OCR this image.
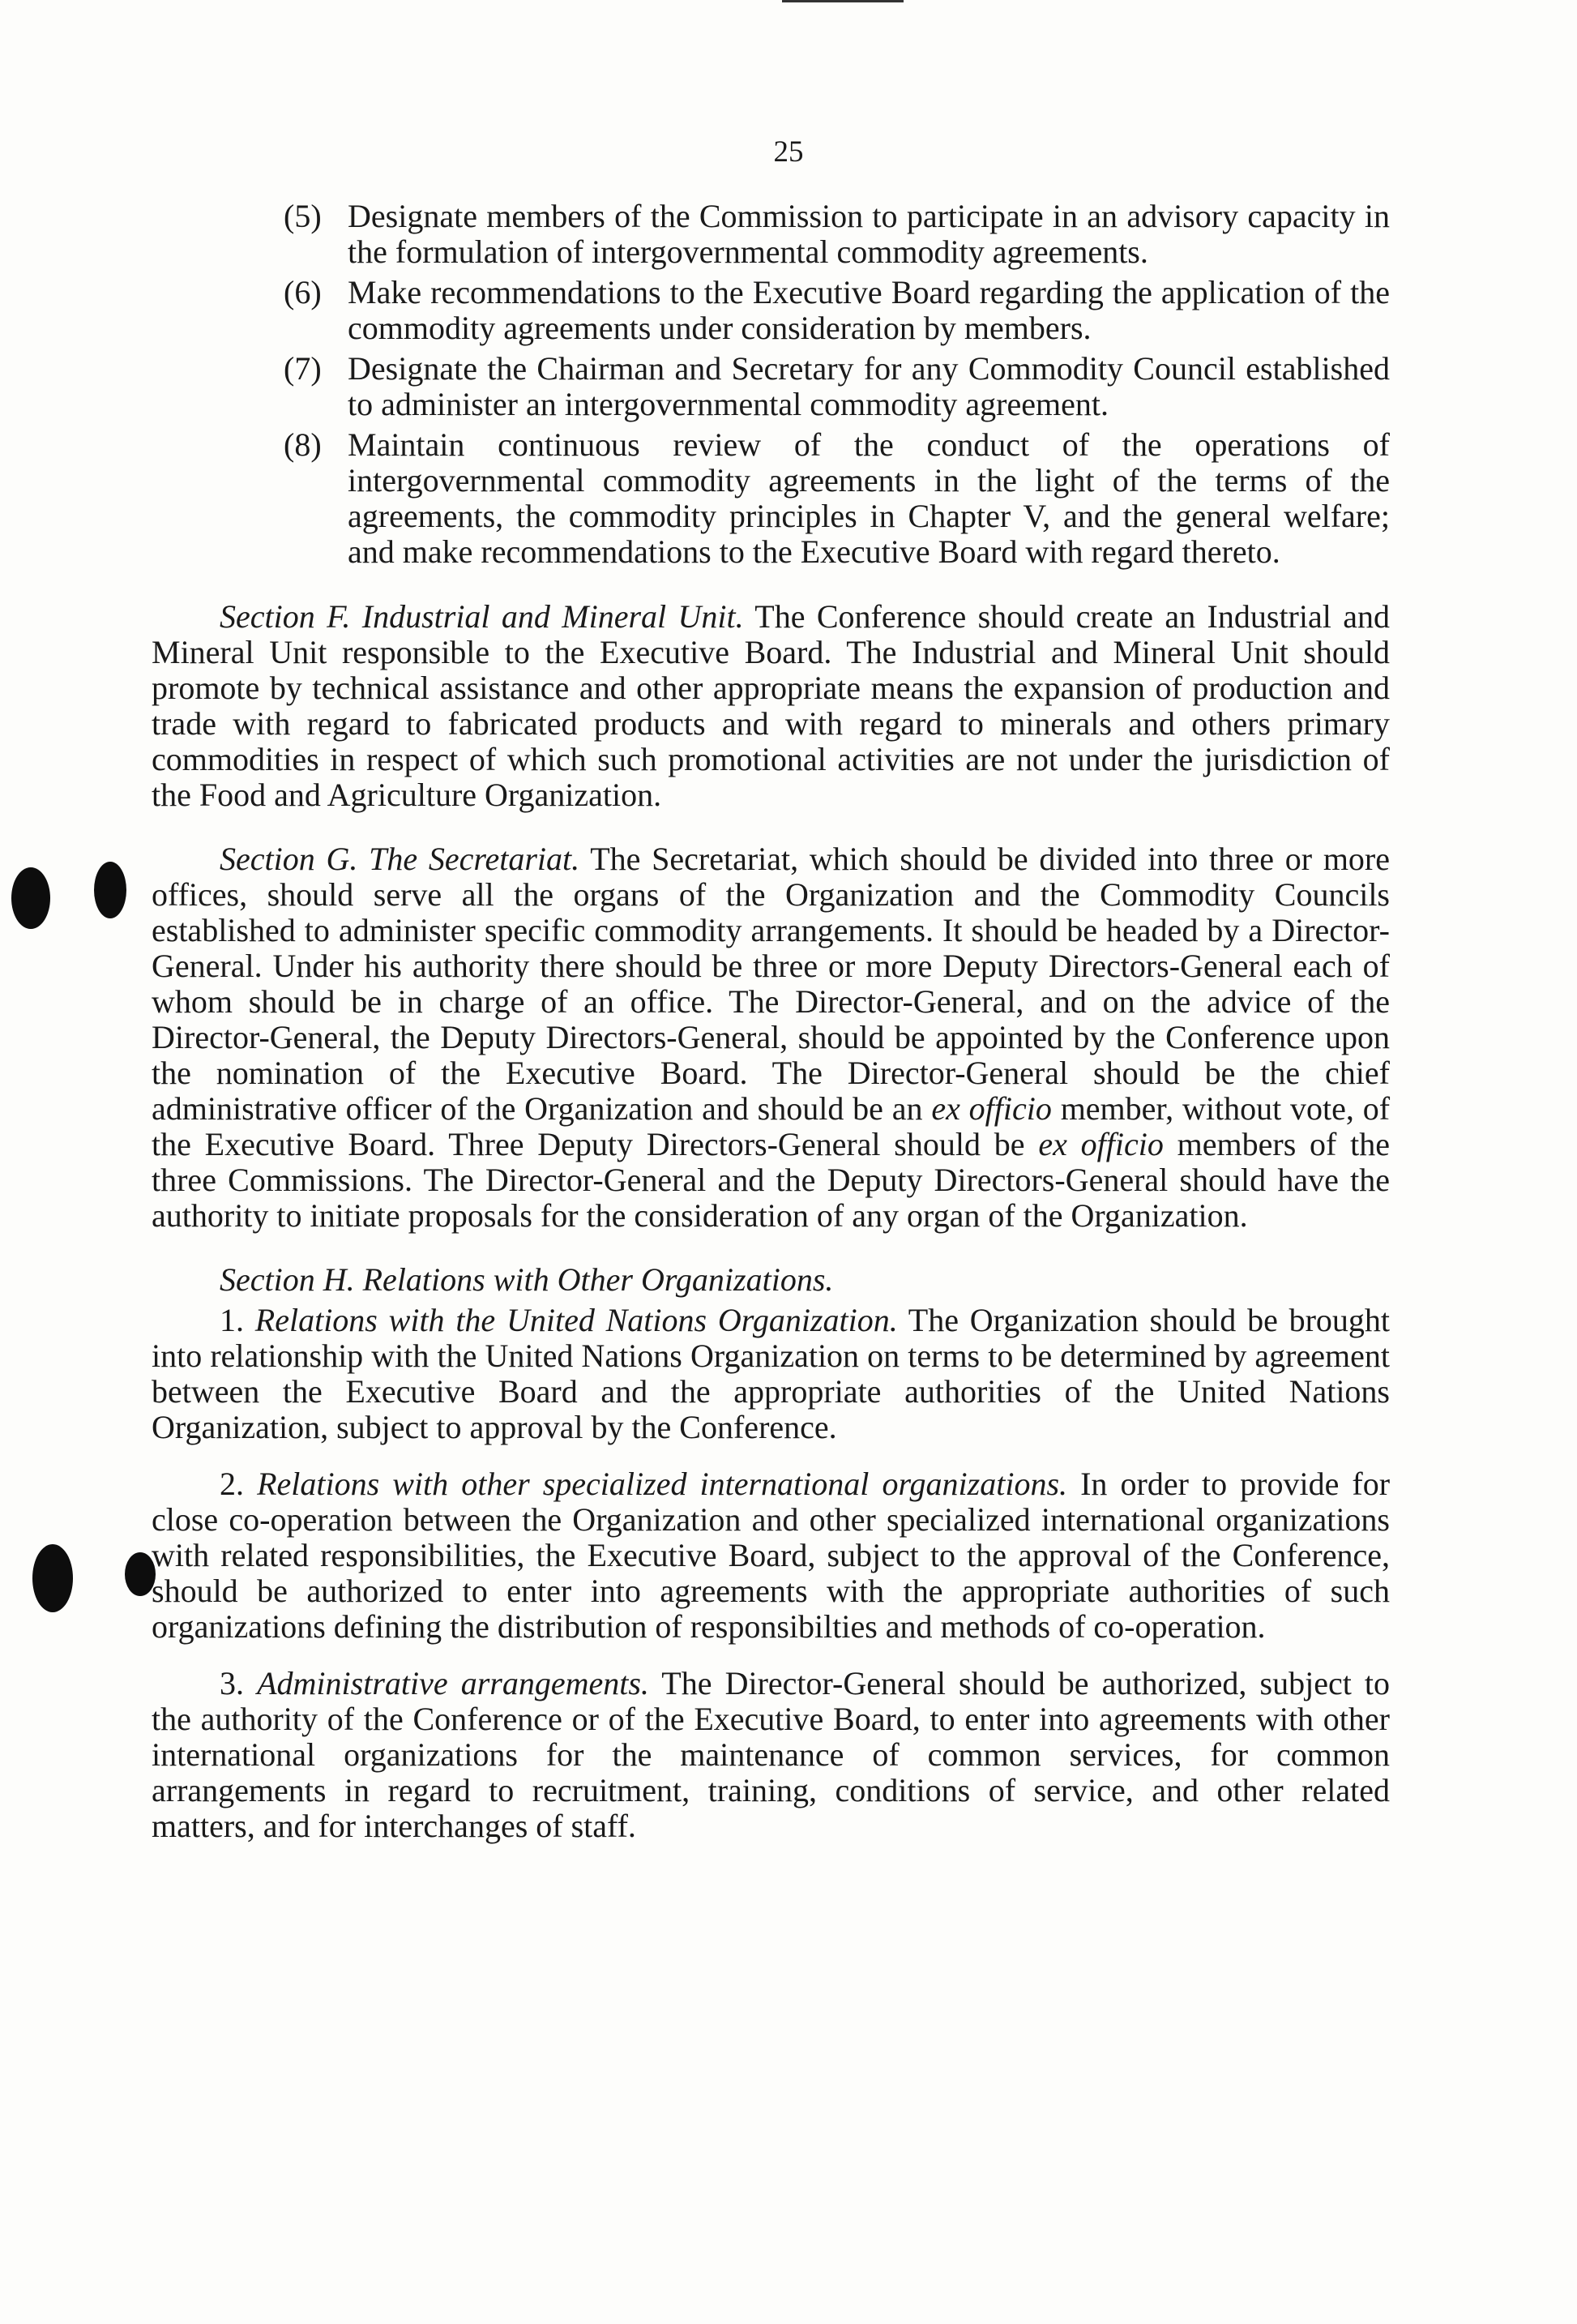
25
(5) Designate members of the Commission to participate in an advisory capacity in the formulation of intergovernmental commodity agreements.
(6) Make recommendations to the Executive Board regarding the application of the commodity agreements under consideration by members.
(7) Designate the Chairman and Secretary for any Commodity Council established to administer an intergovernmental commodity agreement.
(8) Maintain continuous review of the conduct of the operations of intergovernmental commodity agreements in the light of the terms of the agreements, the commodity principles in Chapter V, and the general welfare; and make recommendations to the Executive Board with regard thereto.

Section F. Industrial and Mineral Unit. The Conference should create an Industrial and Mineral Unit responsible to the Executive Board. The Industrial and Mineral Unit should promote by technical assistance and other appropriate means the expansion of production and trade with regard to fabricated products and with regard to minerals and others primary commodities in respect of which such promotional activities are not under the jurisdiction of the Food and Agriculture Organization.

Section G. The Secretariat. The Secretariat, which should be divided into three or more offices, should serve all the organs of the Organization and the Commodity Councils established to administer specific commodity arrangements. It should be headed by a Director-General. Under his authority there should be three or more Deputy Directors-General each of whom should be in charge of an office. The Director-General, and on the advice of the Director-General, the Deputy Directors-General, should be appointed by the Conference upon the nomination of the Executive Board. The Director-General should be the chief administrative officer of the Organization and should be an ex officio member, without vote, of the Executive Board. Three Deputy Directors-General should be ex officio members of the three Commissions. The Director-General and the Deputy Directors-General should have the authority to initiate proposals for the consideration of any organ of the Organization.

Section H. Relations with Other Organizations.

1. Relations with the United Nations Organization. The Organization should be brought into relationship with the United Nations Organization on terms to be determined by agreement between the Executive Board and the appropriate authorities of the United Nations Organization, subject to approval by the Conference.

2. Relations with other specialized international organizations. In order to provide for close co-operation between the Organization and other specialized international organizations with related responsibilities, the Executive Board, subject to the approval of the Conference, should be authorized to enter into agreements with the appropriate authorities of such organizations defining the distribution of responsibilties and methods of co-operation.

3. Administrative arrangements. The Director-General should be authorized, subject to the authority of the Conference or of the Executive Board, to enter into agreements with other international organizations for the maintenance of common services, for common arrangements in regard to recruitment, training, conditions of service, and other related matters, and for interchanges of staff.
